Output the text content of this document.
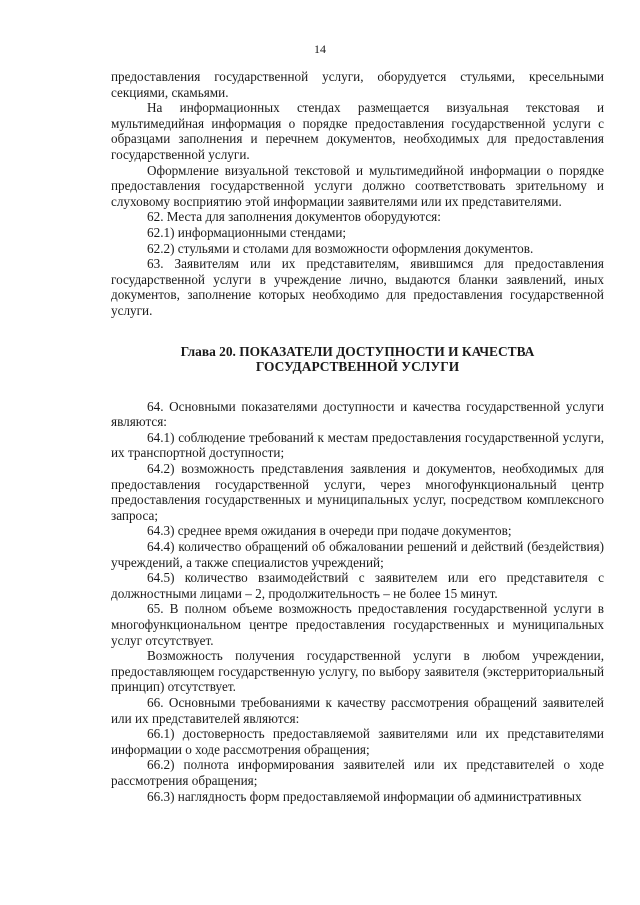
14

предоставления государственной услуги, оборудуется стульями, кресельными секциями, скамьями.

На информационных стендах размещается визуальная текстовая и мультимедийная информация о порядке предоставления государственной услуги с образцами заполнения и перечнем документов, необходимых для предоставления государственной услуги.

Оформление визуальной текстовой и мультимедийной информации о порядке предоставления государственной услуги должно соответствовать зрительному и слуховому восприятию этой информации заявителями или их представителями.

62. Места для заполнения документов оборудуются:

62.1) информационными стендами;

62.2) стульями и столами для возможности оформления документов.

63. Заявителям или их представителям, явившимся для предоставления государственной услуги в учреждение лично, выдаются бланки заявлений, иных документов, заполнение которых необходимо для предоставления государственной услуги.

Глава 20. ПОКАЗАТЕЛИ ДОСТУПНОСТИ И КАЧЕСТВА
ГОСУДАРСТВЕННОЙ УСЛУГИ

64. Основными показателями доступности и качества государственной услуги являются:

64.1) соблюдение требований к местам предоставления государственной услуги, их транспортной доступности;

64.2) возможность представления заявления и документов, необходимых для предоставления государственной услуги, через многофункциональный центр предоставления государственных и муниципальных услуг, посредством комплексного запроса;

64.3) среднее время ожидания в очереди при подаче документов;

64.4) количество обращений об обжаловании решений и действий (бездействия) учреждений, а также специалистов учреждений;

64.5) количество взаимодействий с заявителем или его представителя с должностными лицами – 2, продолжительность – не более 15 минут.

65. В полном объеме возможность предоставления государственной услуги в многофункциональном центре предоставления государственных и муниципальных услуг отсутствует.

Возможность получения государственной услуги в любом учреждении, предоставляющем государственную услугу, по выбору заявителя (экстерриториальный принцип) отсутствует.

66. Основными требованиями к качеству рассмотрения обращений заявителей или их представителей являются:

66.1) достоверность предоставляемой заявителями или их представителями информации о ходе рассмотрения обращения;

66.2) полнота информирования заявителей или их представителей о ходе рассмотрения обращения;

66.3) наглядность форм предоставляемой информации об административных
